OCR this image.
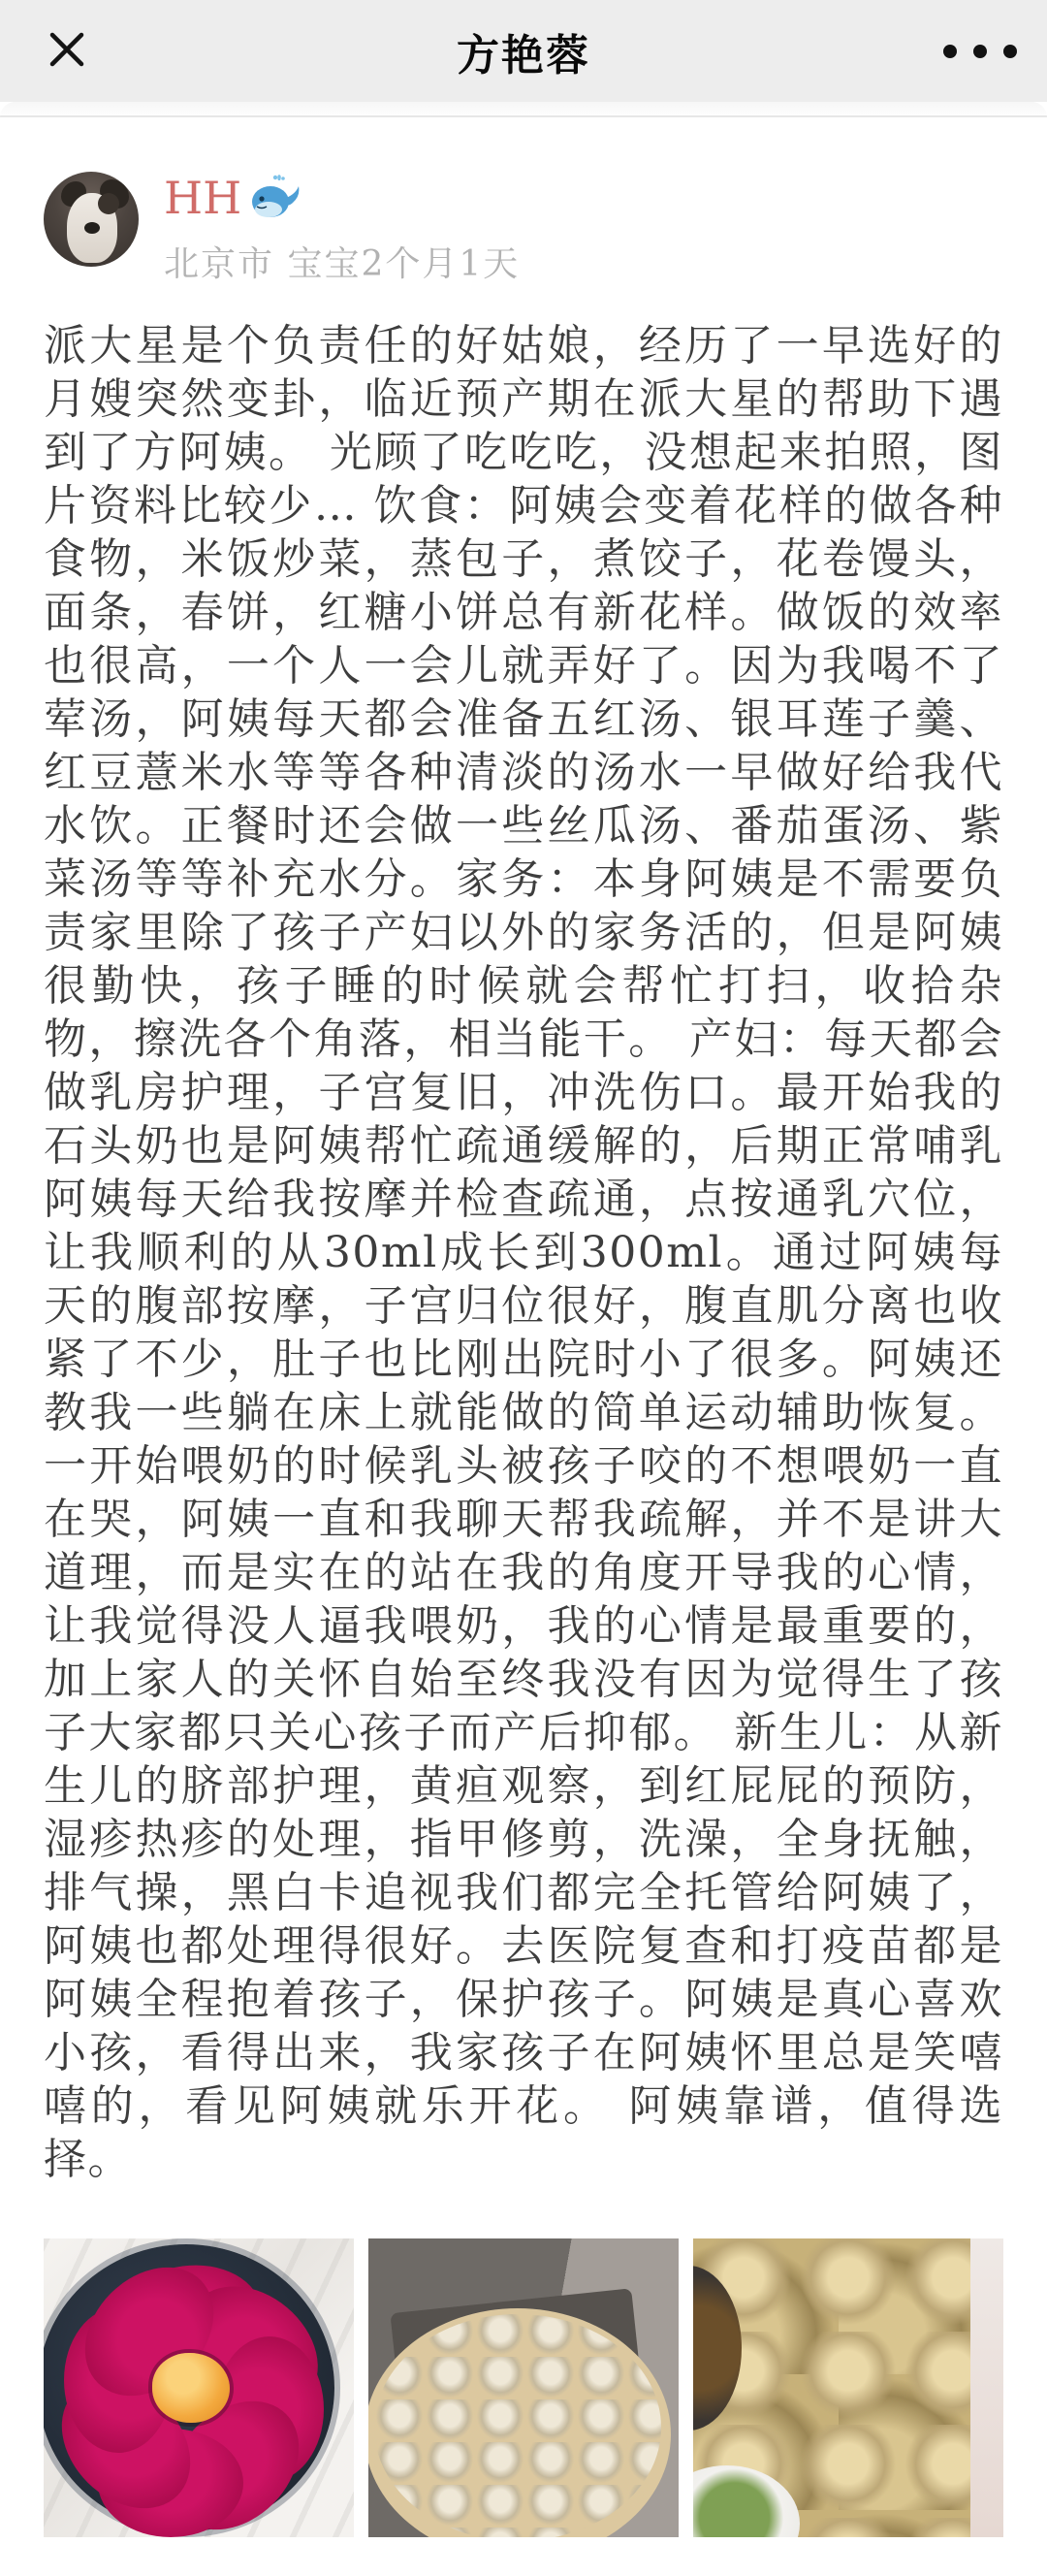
方艳蓉
HH
北京市 宝宝2个月1天
派大星是个负责任的好姑娘，经历了一早选好的月嫂突然变卦，临近预产期在派大星的帮助下遇到了方阿姨。 光顾了吃吃吃，没想起来拍照，图片资料比较少… 饮食：阿姨会变着花样的做各种食物，米饭炒菜，蒸包子，煮饺子，花卷馒头，面条，春饼，红糖小饼总有新花样。做饭的效率也很高，一个人一会儿就弄好了。因为我喝不了荤汤，阿姨每天都会准备五红汤、银耳莲子羹、红豆薏米水等等各种清淡的汤水一早做好给我代水饮。正餐时还会做一些丝瓜汤、番茄蛋汤、紫菜汤等等补充水分。家务：本身阿姨是不需要负责家里除了孩子产妇以外的家务活的，但是阿姨很勤快，孩子睡的时候就会帮忙打扫，收拾杂物，擦洗各个角落，相当能干。 产妇：每天都会做乳房护理，子宫复旧，冲洗伤口。最开始我的石头奶也是阿姨帮忙疏通缓解的，后期正常哺乳阿姨每天给我按摩并检查疏通，点按通乳穴位，让我顺利的从30ml成长到300ml。通过阿姨每天的腹部按摩，子宫归位很好，腹直肌分离也收紧了不少，肚子也比刚出院时小了很多。阿姨还教我一些躺在床上就能做的简单运动辅助恢复。一开始喂奶的时候乳头被孩子咬的不想喂奶一直在哭，阿姨一直和我聊天帮我疏解，并不是讲大道理，而是实在的站在我的角度开导我的心情，让我觉得没人逼我喂奶，我的心情是最重要的，加上家人的关怀自始至终我没有因为觉得生了孩子大家都只关心孩子而产后抑郁。 新生儿：从新生儿的脐部护理，黄疸观察，到红屁屁的预防，湿疹热疹的处理，指甲修剪，洗澡，全身抚触，排气操，黑白卡追视我们都完全托管给阿姨了，阿姨也都处理得很好。去医院复查和打疫苗都是阿姨全程抱着孩子，保护孩子。阿姨是真心喜欢小孩，看得出来，我家孩子在阿姨怀里总是笑嘻嘻的，看见阿姨就乐开花。 阿姨靠谱，值得选择。
